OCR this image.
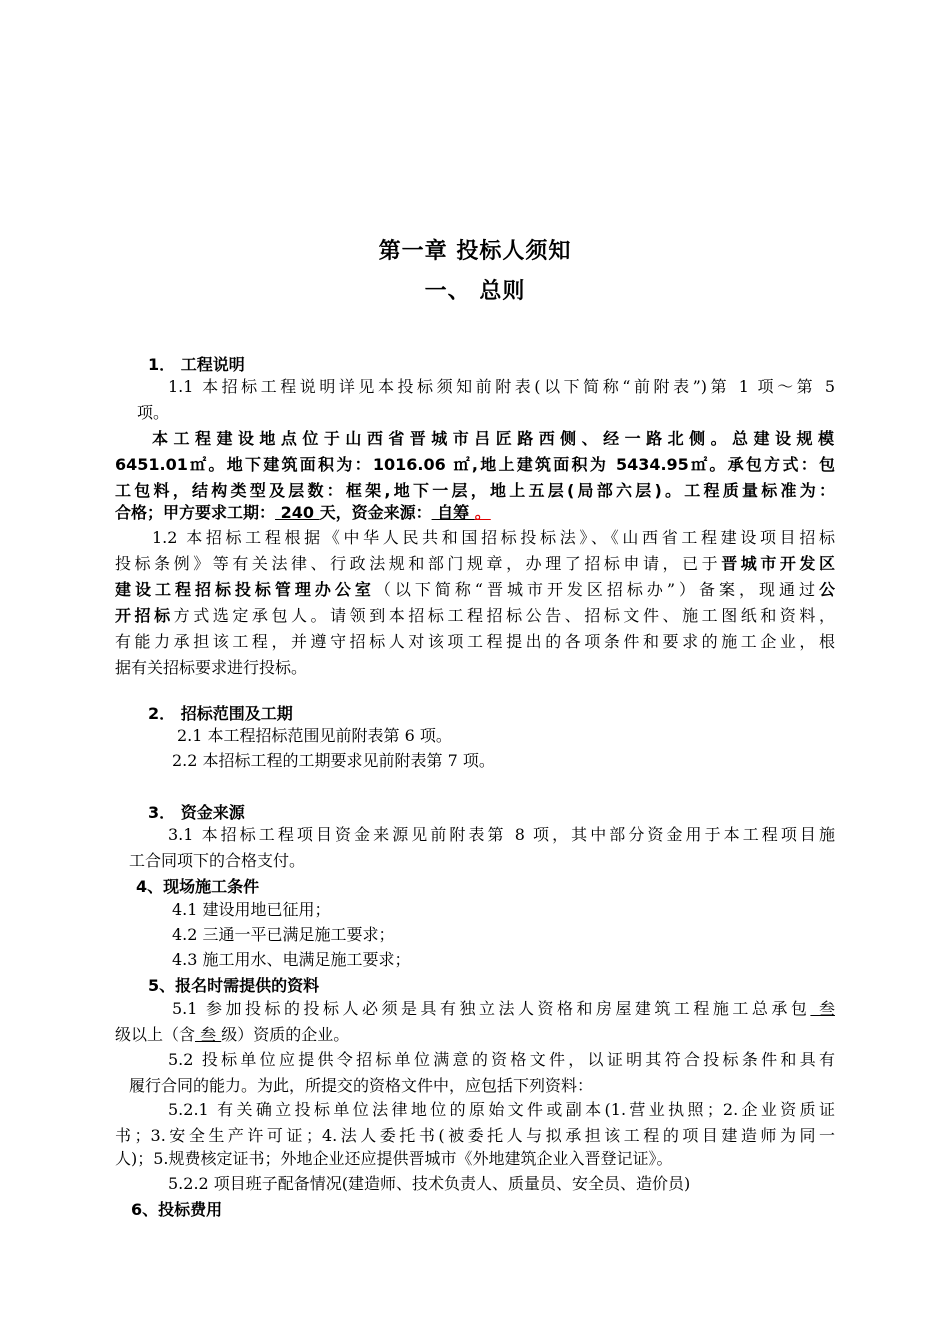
第一章 投标人须知
一、 总则
1． 工程说明
1.1 本招标工程说明详见本投标须知前附表(以下简称“前附表”)第 1 项～第 5
项。
本工程建设地点位于山西省晋城市吕匠路西侧、经一路北侧。总建设规模
6451.01㎡。地下建筑面积为：1016.06 ㎡,地上建筑面积为 5434.95㎡。承包方式：包
工包料，结构类型及层数：框架,地下一层，地上五层(局部六层)。工程质量标准为：
合格；甲方要求工期： 240 天，资金来源： 自筹 。
1.2 本招标工程根据《中华人民共和国招标投标法》、《山西省工程建设项目招标
投标条例》等有关法律、行政法规和部门规章，办理了招标申请，已于晋城市开发区
建设工程招标投标管理办公室（以下简称“晋城市开发区招标办”）备案，现通过公
开招标方式选定承包人。请领到本招标工程招标公告、招标文件、施工图纸和资料，
有能力承担该工程，并遵守招标人对该项工程提出的各项条件和要求的施工企业，根
据有关招标要求进行投标。
2． 招标范围及工期
2.1 本工程招标范围见前附表第 6 项。
2.2 本招标工程的工期要求见前附表第 7 项。
3． 资金来源
3.1 本招标工程项目资金来源见前附表第 8 项，其中部分资金用于本工程项目施
工合同项下的合格支付。
4、现场施工条件
4.1 建设用地已征用；
4.2 三通一平已满足施工要求；
4.3 施工用水、电满足施工要求；
5、报名时需提供的资料
5.1 参加投标的投标人必须是具有独立法人资格和房屋建筑工程施工总承包 叁
级以上（含 叁 级）资质的企业。
5.2 投标单位应提供令招标单位满意的资格文件，以证明其符合投标条件和具有
履行合同的能力。为此，所提交的资格文件中，应包括下列资料：
5.2.1 有关确立投标单位法律地位的原始文件或副本(1.营业执照；2.企业资质证
书；3.安全生产许可证；4.法人委托书(被委托人与拟承担该工程的项目建造师为同一
人)；5.规费核定证书；外地企业还应提供晋城市《外地建筑企业入晋登记证》。
5.2.2 项目班子配备情况(建造师、技术负责人、质量员、安全员、造价员)
6、投标费用
